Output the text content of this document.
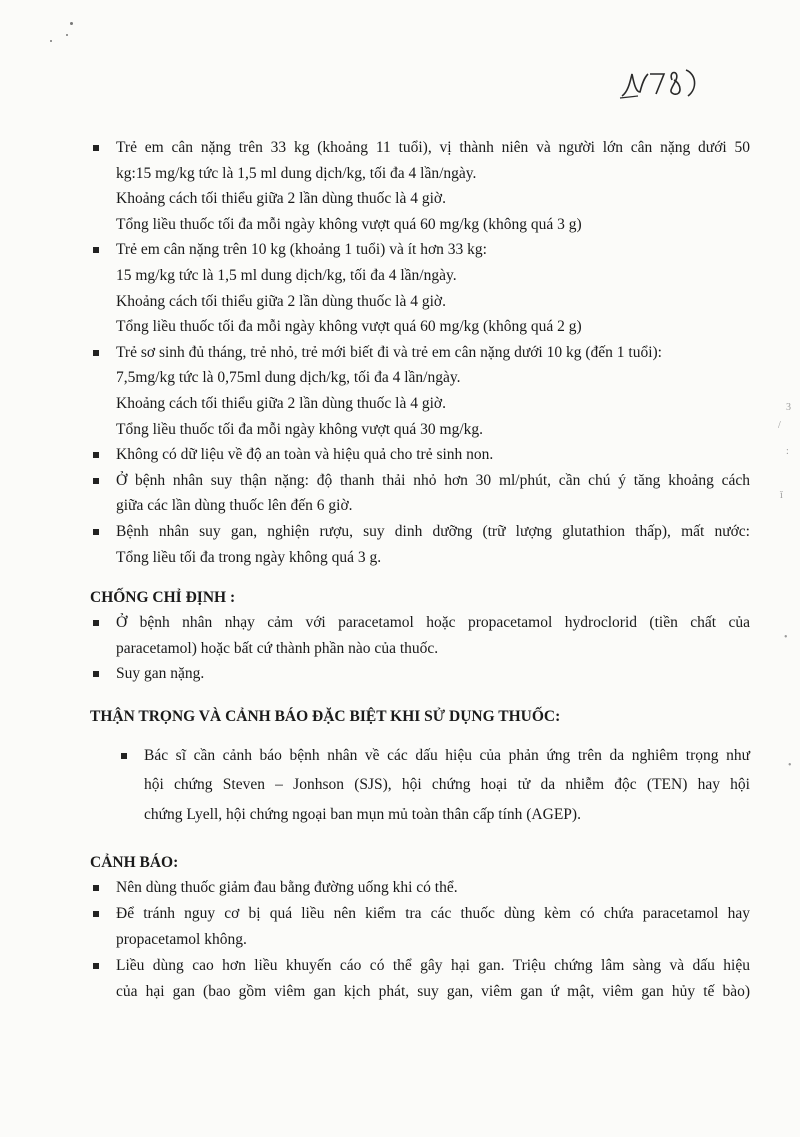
3
/
:
ǐ
•
•
Trẻ em cân nặng trên 33 kg (khoảng 11 tuổi), vị thành niên và người lớn cân nặng dưới 50
kg:15 mg/kg tức là 1,5 ml dung dịch/kg, tối đa 4 lần/ngày.
Khoảng cách tối thiểu giữa 2 lần dùng thuốc là 4 giờ.
Tổng liều thuốc tối đa mỗi ngày không vượt quá 60 mg/kg (không quá 3 g)
Trẻ em cân nặng trên 10 kg (khoảng 1 tuổi) và ít hơn 33 kg:
15 mg/kg tức là 1,5 ml dung dịch/kg, tối đa 4 lần/ngày.
Khoảng cách tối thiểu giữa 2 lần dùng thuốc là 4 giờ.
Tổng liều thuốc tối đa mỗi ngày không vượt quá 60 mg/kg (không quá 2 g)
Trẻ sơ sinh đủ tháng, trẻ nhỏ, trẻ mới biết đi và trẻ em cân nặng dưới 10 kg (đến 1 tuổi):
7,5mg/kg tức là 0,75ml dung dịch/kg, tối đa 4 lần/ngày.
Khoảng cách tối thiểu giữa 2 lần dùng thuốc là 4 giờ.
Tổng liều thuốc tối đa mỗi ngày không vượt quá 30 mg/kg.
Không có dữ liệu về độ an toàn và hiệu quả cho trẻ sinh non.
Ở bệnh nhân suy thận nặng: độ thanh thải nhỏ hơn 30 ml/phút, cần chú ý tăng khoảng cách
giữa các lần dùng thuốc lên đến 6 giờ.
Bệnh nhân suy gan, nghiện rượu, suy dinh dưỡng (trữ lượng glutathion thấp), mất nước:
Tổng liều tối đa trong ngày không quá 3 g.
CHỐNG CHỈ ĐỊNH :
Ở bệnh nhân nhạy cảm với paracetamol hoặc propacetamol hydroclorid (tiền chất của
paracetamol) hoặc bất cứ thành phần nào của thuốc.
Suy gan nặng.
THẬN TRỌNG VÀ CẢNH BÁO ĐẶC BIỆT KHI SỬ DỤNG THUỐC:
Bác sĩ cần cảnh báo bệnh nhân về các dấu hiệu của phản ứng trên da nghiêm trọng như
hội chứng Steven – Jonhson (SJS), hội chứng hoại tử da nhiễm độc (TEN) hay hội
chứng Lyell, hội chứng ngoại ban mụn mủ toàn thân cấp tính (AGEP).
CẢNH BÁO:
Nên dùng thuốc giảm đau bằng đường uống khi có thể.
Để tránh nguy cơ bị quá liều nên kiểm tra các thuốc dùng kèm có chứa paracetamol hay
propacetamol không.
Liều dùng cao hơn liều khuyến cáo có thể gây hại gan. Triệu chứng lâm sàng và dấu hiệu
của hại gan (bao gồm viêm gan kịch phát, suy gan, viêm gan ứ mật, viêm gan hủy tế bào)
